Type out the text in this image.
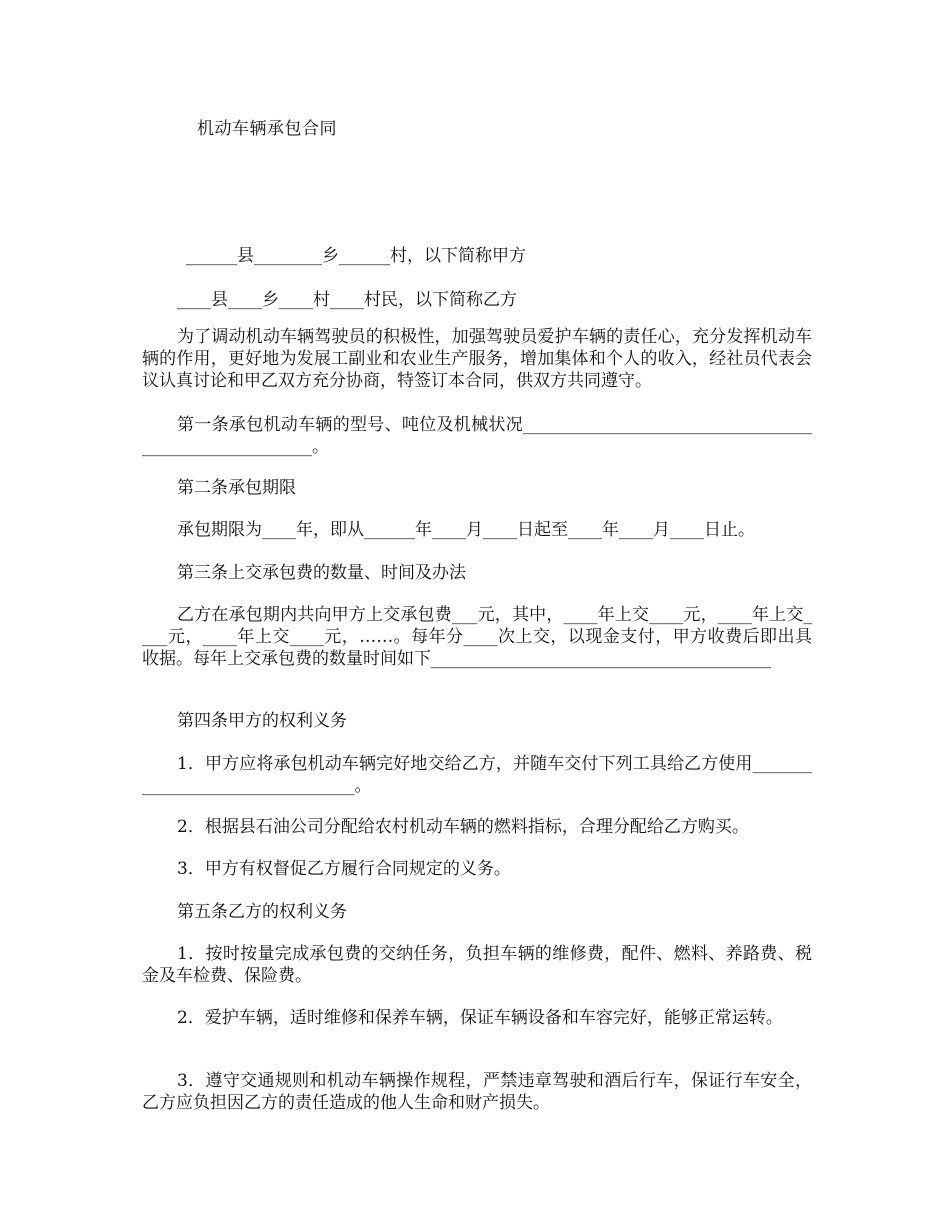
机动车辆承包合同
______县________乡______村，以下简称甲方
____县____乡____村____村民，以下简称乙方
为了调动机动车辆驾驶员的积极性，加强驾驶员爱护车辆的责任心，充分发挥机动车辆的作用，更好地为发展工副业和农业生产服务，增加集体和个人的收入，经社员代表会议认真讨论和甲乙双方充分协商，特签订本合同，供双方共同遵守。
第一条承包机动车辆的型号、吨位及机械状况______________________________________________________。
第二条承包期限
承包期限为____年，即从______年____月____日起至____年____月____日止。
第三条上交承包费的数量、时间及办法
乙方在承包期内共向甲方上交承包费___元，其中，____年上交____元，____年上交____元，____年上交____元，……。每年分____次上交，以现金支付，甲方收费后即出具收据。每年上交承包费的数量时间如下________________________________________
第四条甲方的权利义务
1．甲方应将承包机动车辆完好地交给乙方，并随车交付下列工具给乙方使用________________________________。
2．根据县石油公司分配给农村机动车辆的燃料指标，合理分配给乙方购买。
3．甲方有权督促乙方履行合同规定的义务。
第五条乙方的权利义务
1．按时按量完成承包费的交纳任务，负担车辆的维修费，配件、燃料、养路费、税金及车检费、保险费。
2．爱护车辆，适时维修和保养车辆，保证车辆设备和车容完好，能够正常运转。
3．遵守交通规则和机动车辆操作规程，严禁违章驾驶和酒后行车，保证行车安全，乙方应负担因乙方的责任造成的他人生命和财产损失。
